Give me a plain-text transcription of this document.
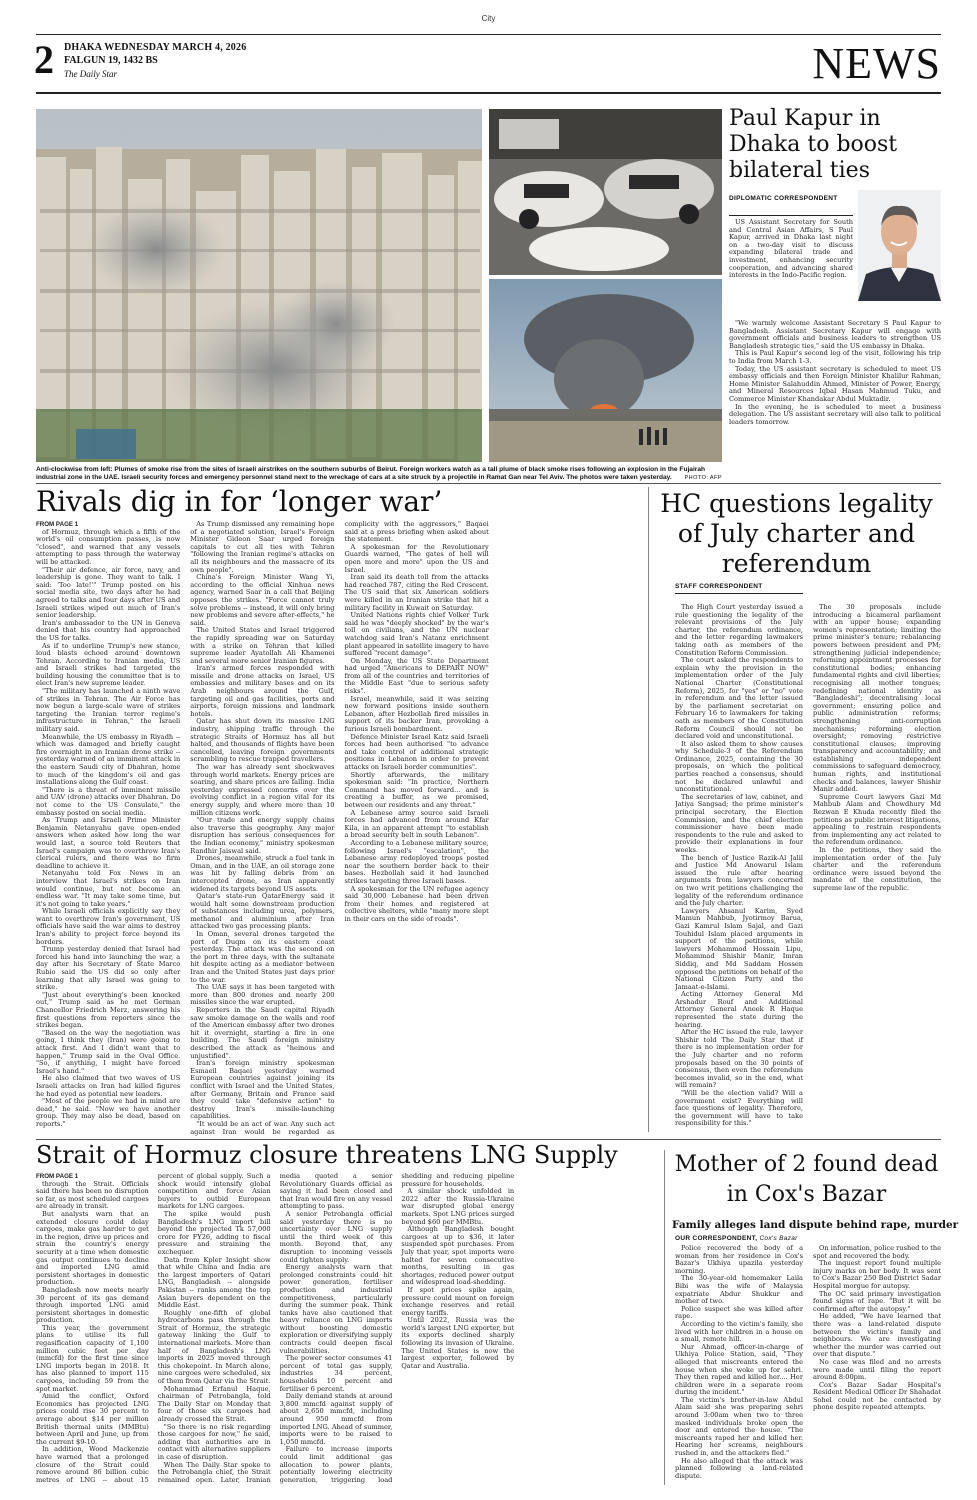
City
2 DHAKA WEDNESDAY MARCH 4, 2026
FALGUN 19, 1432 BS
The Daily Star	NEWS
Anti-clockwise from left: Plumes of smoke rise from the sites of Israeli airstrikes on the southern suburbs of Beirut. Foreign workers watch as a tall plume of black smoke rises following an explosion in the Fujairah industrial zone in the UAE. Israeli security forces and emergency personnel stand next to the wreckage of cars at a site struck by a projectile in Ramat Gan near Tel Aviv. The photos were taken yesterday. PHOTO: AFP
Paul Kapur in Dhaka to boost bilateral ties
DIPLOMATIC CORRESPONDENT
US Assistant Secretary for South and Central Asian Affairs, S Paul Kapur, arrived in Dhaka last night on a two-day visit to discuss expanding bilateral trade and investment, enhancing security cooperation, and advancing shared interests in the Indo-Pacific region.

"We warmly welcome Assistant Secretary S Paul Kapur to Bangladesh. Assistant Secretary Kapur will engage with government officials and business leaders to strengthen US Bangladesh strategic ties," said the US embassy in Dhaka.

This is Paul Kapur's second leg of the visit, following his trip to India from March 1-3.

Today, the US assistant secretary is scheduled to meet US embassy officials and then Foreign Minister Khalilur Rahman, Home Minister Salahuddin Ahmed, Minister of Power, Energy, and Mineral Resources Iqbal Hasan Mahmud Tuku, and Commerce Minister Khandakar Abdul Muktadir.

In the evening, he is scheduled to meet a business delegation. The US assistant secretary will also talk to political leaders tomorrow.

Rivals dig in for ‘longer war’

FROM PAGE 1

of Hormuz, through which a fifth of the world's oil consumption passes, is now "closed", and warned that any vessels attempting to pass through the waterway will be attacked.

"Their air defence, air force, navy, and leadership is gone. They want to talk. I said: 'Too late!'" Trump posted on his social media site, two days after he had agreed to talks and four days after US and Israeli strikes wiped out much of Iran's senior leadership.

Iran's ambassador to the UN in Geneva denied that his country had approached the US for talks.

As if to underline Trump's new stance, loud blasts echoed around downtown Tehran. According to Iranian media, US and Israeli strikes had targeted the building housing the committee that is to elect Iran's new supreme leader.

"The military has launched a ninth wave of strikes in Tehran. The Air Force has now begun a large-scale wave of strikes targeting the Iranian terror regime's infrastructure in Tehran," the Israeli military said.

Meanwhile, the US embassy in Riyadh -- which was damaged and briefly caught fire overnight in an Iranian drone strike -- yesterday warned of an imminent attack in the eastern Saudi city of Dhahran, home to much of the kingdom's oil and gas installations along the Gulf coast.

"There is a threat of imminent missile and UAV (drone) attacks over Dhahran. Do not come to the US Consulate," the embassy posted on social media.

As Trump and Israeli Prime Minister Benjamin Netanyahu gave open-ended answers when asked how long the war would last, a source told Reuters that Israel's campaign was to overthrow Iran's clerical rulers, and there was no firm deadline to achieve it.

Netanyahu told Fox News in an interview that Israel's strikes on Iran would continue, but not become an endless war. "It may take some time, but it's not going to take years."

While Israeli officials explicitly say they want to overthrow Iran's government, US officials have said the war aims to destroy Iran's ability to project force beyond its borders.

Trump yesterday denied that Israel had forced his hand into launching the war, a day after his Secretary of State Marco Rubio said the US did so only after learning that ally Israel was going to strike.

"Just about everything's been knocked out," Trump said as he met German Chancellor Friedrich Merz, answering his first questions from reporters since the strikes began.

"Based on the way the negotiation was going, I think they (Iran) were going to attack first. And I didn't want that to happen," Trump said in the Oval Office. "So, if anything, I might have forced Israel's hand."

He also claimed that two waves of US Israeli attacks on Iran had killed figures he had eyed as potential new leaders.

"Most of the people we had in mind are dead," he said. "Now we have another group. They may also be dead, based on reports."

As Trump dismissed any remaining hope of a negotiated solution, Israel's Foreign Minister Gideon Saar urged foreign capitals to cut all ties with Tehran "following the Iranian regime's attacks on all its neighbours and the massacre of its own people".

China's Foreign Minister Wang Yi, according to the official Xinhua news agency, warned Saar in a call that Beijing opposes the strikes. "Force cannot truly solve problems -- instead, it will only bring new problems and severe after-effects," he said.

The United States and Israel triggered the rapidly spreading war on Saturday with a strike on Tehran that killed supreme leader Ayatollah Ali Khamenei and several more senior Iranian figures.

Iran's armed forces responded with missile and drone attacks on Israel, US embassies and military bases and on its Arab neighbours around the Gulf, targeting oil and gas facilities, ports and airports, foreign missions and landmark hotels.

Qatar has shut down its massive LNG industry, shipping traffic through the strategic Straits of Hormuz has all but halted, and thousands of flights have been cancelled, leaving foreign governments scrambling to rescue trapped travellers.

The war has already sent shockwaves through world markets. Energy prices are soaring, and share prices are falling. India yesterday expressed concerns over the evolving conflict in a region vital for its energy supply, and where more than 10 million citizens work.

"Our trade and energy supply chains also traverse this geography. Any major disruption has serious consequences for the Indian economy," ministry spokesman Randhir Jaiswal said.

Drones, meanwhile, struck a fuel tank in Oman, and in the UAE, an oil storage zone was hit by falling debris from an intercepted drone, as Iran apparently widened its targets beyond US assets.

Qatar's state-run QatarEnergy said it would halt some downstream production of substances including urea, polymers, methanol and aluminium after Iran attacked two gas processing plants.

In Oman, several drones targeted the port of Duqm on its eastern coast yesterday. The attack was the second on the port in three days, with the sultanate hit despite acting as a mediator between Iran and the United States just days prior to the war.

The UAE says it has been targeted with more than 800 drones and nearly 200 missiles since the war erupted.

Reporters in the Saudi capital Riyadh saw smoke damage on the walls and roof of the American embassy after two drones hit it overnight, starting a fire in one building. The Saudi foreign ministry described the attack as "heinous and unjustified".

Iran's foreign ministry spokesman Esmaeil Baqaei yesterday warned European countries against joining its conflict with Israel and the United States, after Germany, Britain and France said they could take "defensive action" to destroy Iran's missile-launching capabilities.

"It would be an act of war. Any such act against Iran would be regarded as complicity with the aggressors," Baqaei said at a press briefing when asked about the statement.

A spokesman for the Revolutionary Guards warned, "The gates of hell will open more and more" upon the US and Israel.

Iran said its death toll from the attacks had reached 787, citing the Red Crescent. The US said that six American soldiers were killed in an Iranian strike that hit a military facility in Kuwait on Saturday.

United Nations rights chief Volker Turk said he was "deeply shocked" by the war's toll on civilians, and the UN nuclear watchdog said Iran's Natanz enrichment plant appeared in satellite imagery to have suffered "recent damage".

On Monday, the US State Department had urged "Americans to DEPART NOW" from all of the countries and territories of the Middle East "due to serious safety risks".

Israel, meanwhile, said it was seizing new forward positions inside southern Lebanon, after Hezbollah fired missiles in support of its backer Iran, provoking a furious Israeli bombardment.

Defence Minister Israel Katz said Israeli forces had been authorised "to advance and take control of additional strategic positions in Lebanon in order to prevent attacks on Israeli border communities".

Shortly afterwards, the military spokesman said: "In practice, Northern Command has moved forward... and is creating a buffer, as we promised, between our residents and any threat."

A Lebanese army source said Israeli forces had advanced from around Kfar Kila, in an apparent attempt "to establish a broad security belt in south Lebanon".

According to a Lebanese military source, following Israel's "escalation", the Lebanese army redeployed troops posted near the southern border back to their bases. Hezbollah said it had launched strikes targeting three Israeli bases.

A spokesman for the UN refugee agency said 30,000 Lebanese had been driven from their homes and registered at collective shelters, while "many more slept in their cars on the side of roads".

HC questions legality of July charter and referendum
STAFF CORRESPONDENT

The High Court yesterday issued a rule questioning the legality of the relevant provisions of the July charter, the referendum ordinance, and the letter regarding lawmakers taking oath as members of the Constitution Reform Commission.

The court asked the respondents to explain why the provision in the implementation order of the July National Charter (Constitutional Reform), 2025, for "yes" or "no" vote in referendum and the letter issued by the parliament secretariat on February 16 to lawmakers for taking oath as members of the Constitution Reform Council should not be declared void and unconstitutional.

It also asked them to show causes why Schedule-3 of the Referendum Ordinance, 2025, containing the 30 proposals, on which the political parties reached a consensus, should not be declared unlawful and unconstitutional.

The secretaries of law, cabinet, and Jatiya Sangsad; the prime minister's principal secretary, the Election Commission, and the chief election commissioner have been made respondents to the rule and asked to provide their explanations in four weeks.

The bench of Justice Razik-Al Jalil and Justice Md Anowarul Islam issued the rule after hearing arguments from lawyers concerned on two writ petitions challenging the legality of the referendum ordinance and the July charter.

Lawyers Ahsanul Karim, Syed Mamun Mahbub, Jyotirmoy Barua, Gazi Kamrul Islam Sajal, and Gazi Touhidul Islam placed arguments in support of the petitions, while lawyers Mohammod Hossain Lipu, Mohammad Shishir Manir, Imran Siddiq, and Md Saddam Hossen opposed the petitions on behalf of the National Citizen Party and the Jamaat-e-Islami.

Acting Attorney General Md Arshadur Rouf and Additional Attorney General Aneek R Haque represented the state during the hearing.

After the HC issued the rule, lawyer Shishir told The Daily Star that if there is no implementation order for the July charter and no reform proposals based on the 30 points of consensus, then even the referendum becomes invalid, so in the end, what will remain?

"Will be the election valid? Will a government exist? Everything will face questions of legality. Therefore, the government will have to take responsibility for this."

The 30 proposals include introducing a bicameral parliament with an upper house; expanding women's representation; limiting the prime minister's tenure; rebalancing powers between president and PM; strengthening judicial independence; reforming appointment processes for constitutional bodies; enhancing fundamental rights and civil liberties; recognising all mother tongues; redefining national identity as "Bangladeshi"; decentralising local government; ensuring police and public administration reforms; strengthening anti-corruption mechanisms; reforming election oversight; removing restrictive constitutional clauses; improving transparency and accountability; and establishing independent commissions to safeguard democracy, human rights, and institutional checks and balances, lawyer Shishir Manir added.

Supreme Court lawyers Gazi Md Mahbub Alam and Chowdhury Md Rezwan E Khuda recently filed the petitions as public interest litigations, appealing to restrain respondents from implementing any act related to the referendum ordinance.

In the petitions, they said the implementation order of the July charter and the referendum ordinance were issued beyond the mandate of the constitution, the supreme law of the republic.

Strait of Hormuz closure threatens LNG Supply

FROM PAGE 1

through the Strait. Officials said there has been no disruption so far, as most scheduled cargoes are already in transit.

But analysts warn that an extended closure could delay cargoes, make gas harder to get in the region, drive up prices and strain the country's energy security at a time when domestic gas output continues to decline and imported LNG amid persistent shortages in domestic production.

Bangladesh now meets nearly 30 percent of its gas demand through imported LNG amid persistent shortages in domestic production.

This year, the government plans to utilise its full regasification capacity of 1,100 million cubic feet per day (mmcfd) for the first time since LNG imports began in 2018. It has also planned to import 115 cargoes, including 59 from the spot market.

Amid the conflict, Oxford Economics has projected LNG prices could rise 30 percent to average about $14 per million British thermal units (MMBtu) between April and June, up from the current $9-10.

In addition, Wood Mackenzie have warned that a prolonged closure of the Strait could remove around 86 billion cubic metres of LNG -- about 15 percent of global supply. Such a shock would intensify global competition and force Asian buyers to outbid European markets for LNG cargoes.

The spike would push Bangladesh's LNG import bill beyond the projected Tk 57,000 crore for FY26, adding to fiscal pressure and straining the exchequer.

Data from Kpler Insight show that while China and India are the largest importers of Qatari LNG, Bangladesh -- alongside Pakistan -- ranks among the top Asian buyers dependent on the Middle East.

Roughly one-fifth of global hydrocarbons pass through the Strait of Hormuz, the strategic gateway linking the Gulf to international markets. More than half of Bangladesh's LNG imports in 2025 moved through this chokepoint. In March alone, nine cargoes were scheduled, six of them from Qatar via the Strait.

Mohammad Erfanul Haque, chairman of Petrobangla, told The Daily Star on Monday that four of those six cargoes had already crossed the Strait.

"So there is no risk regarding those cargoes for now," he said, adding that authorities are in contact with alternative suppliers in case of disruption.

When The Daily Star spoke to the Petrobangla chief, the Strait remained open. Later, Iranian media quoted a senior Revolutionary Guards official as saying it had been closed and that Iran would fire on any vessel attempting to pass.

A senior Petrobangla official said yesterday there is no uncertainty over LNG supply until the third week of this month. Beyond that, any disruption to incoming vessels could tighten supply.

Energy analysts warn that prolonged constraints could hit power generation, fertiliser production and industrial competitiveness, particularly during the summer peak. Think tanks have also cautioned that heavy reliance on LNG imports without boosting domestic exploration or diversifying supply contracts could deepen fiscal vulnerabilities.

The power sector consumes 41 percent of total gas supply, industries 34 percent, households 10 percent and fertiliser 6 percent.

Daily demand stands at around 3,800 mmcfd against supply of about 2,650 mmcfd, including around 950 mmcfd from imported LNG. Ahead of summer, imports were to be raised to 1,050 mmcfd.

Failure to increase imports could limit additional gas allocation to power plants, potentially lowering electricity generation, triggering load shedding and reducing pipeline pressure for households.

A similar shock unfolded in 2022 after the Russia-Ukraine war disrupted global energy markets. Spot LNG prices surged beyond $60 per MMBtu.

Although Bangladesh bought cargoes at up to $36, it later suspended spot purchases. From July that year, spot imports were halted for seven consecutive months, resulting in gas shortages, reduced power output and widespread load-shedding.

If spot prices spike again, pressure could mount on foreign exchange reserves and retail energy tariffs.

Until 2022, Russia was the world's largest LNG exporter, but its exports declined sharply following its invasion of Ukraine. The United States is now the largest exporter, followed by Qatar and Australia.

Mother of 2 found dead in Cox's Bazar
Family alleges land dispute behind rape, murder
OUR CORRESPONDENT, Cox's Bazar

Police recovered the body of a woman from her residence in Cox's Bazar's Ukhiya upazila yesterday morning.

The 30-year-old homemaker Laila Bibi was the wife of Malaysia expatriate Abdur Shukkur and mother of two.

Police suspect she was killed after rape.

According to the victim's family, she lived with her children in a house on a small, remote hill.

Nur Ahmad, officer-in-charge of Ukhiya Police Station, said, "They alleged that miscreants entered the house when she woke up for sehri. They then raped and killed her.... Her children were in a separate room during the incident."

The victim's brother-in-law Abdul Alam said she was preparing sehri around 3:00am when two to three masked individuals broke open the door and entered the house. "The miscreants raped her and killed her. Hearing her screams, neighbours rushed in, and the attackers fled."

He also alleged that the attack was planned following a land-related dispute.

On information, police rushed to the spot and recovered the body.

The inquest report found multiple injury marks on her body. It was sent to Cox's Bazar 250 Bed District Sadar Hospital morgue for autopsy.

The OC said primary investigation found signs of rape. "But it will be confirmed after the autopsy."

He added, "We have learned that there was a land-related dispute between the victim's family and neighbours. We are investigating whether the murder was carried out over that dispute."

No case was filed and no arrests were made until filing the report around 8:00pm.

Cox's Bazar Sadar Hospital's Resident Medical Officer Dr Shahadat Sohel could not be contacted by phone despite repeated attempts.
